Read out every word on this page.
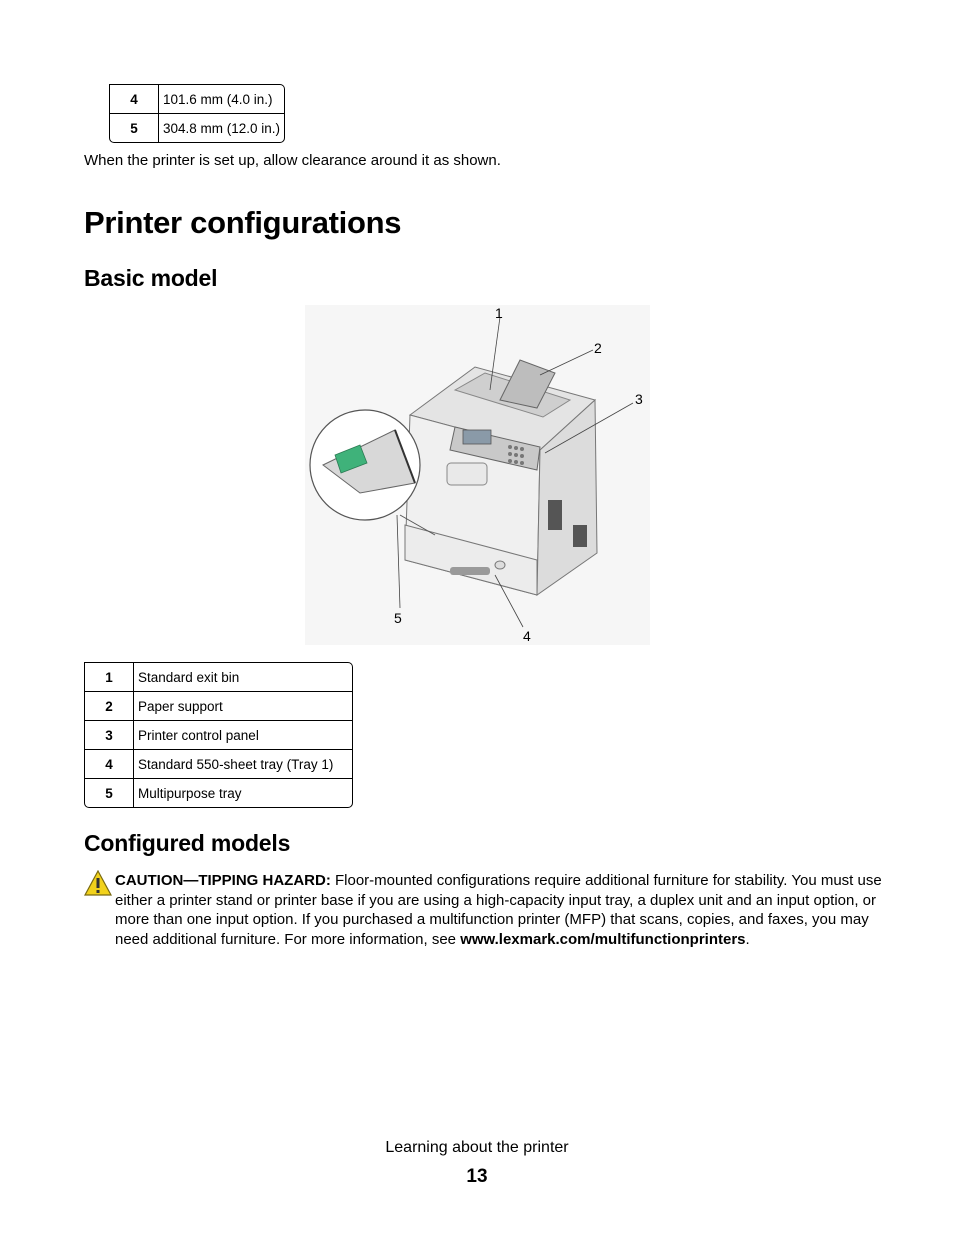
4	101.6 mm (4.0 in.)
5	304.8 mm (12.0 in.)
When the printer is set up, allow clearance around it as shown.
Printer configurations
Basic model
1
2
3
4
5
1	Standard exit bin
2	Paper support
3	Printer control panel
4	Standard 550-sheet tray (Tray 1)
5	Multipurpose tray
Configured models
CAUTION—TIPPING HAZARD: Floor-mounted configurations require additional furniture for stability. You must use either a printer stand or printer base if you are using a high-capacity input tray, a duplex unit and an input option, or more than one input option. If you purchased a multifunction printer (MFP) that scans, copies, and faxes, you may need additional furniture. For more information, see www.lexmark.com/multifunctionprinters.
Learning about the printer
13
